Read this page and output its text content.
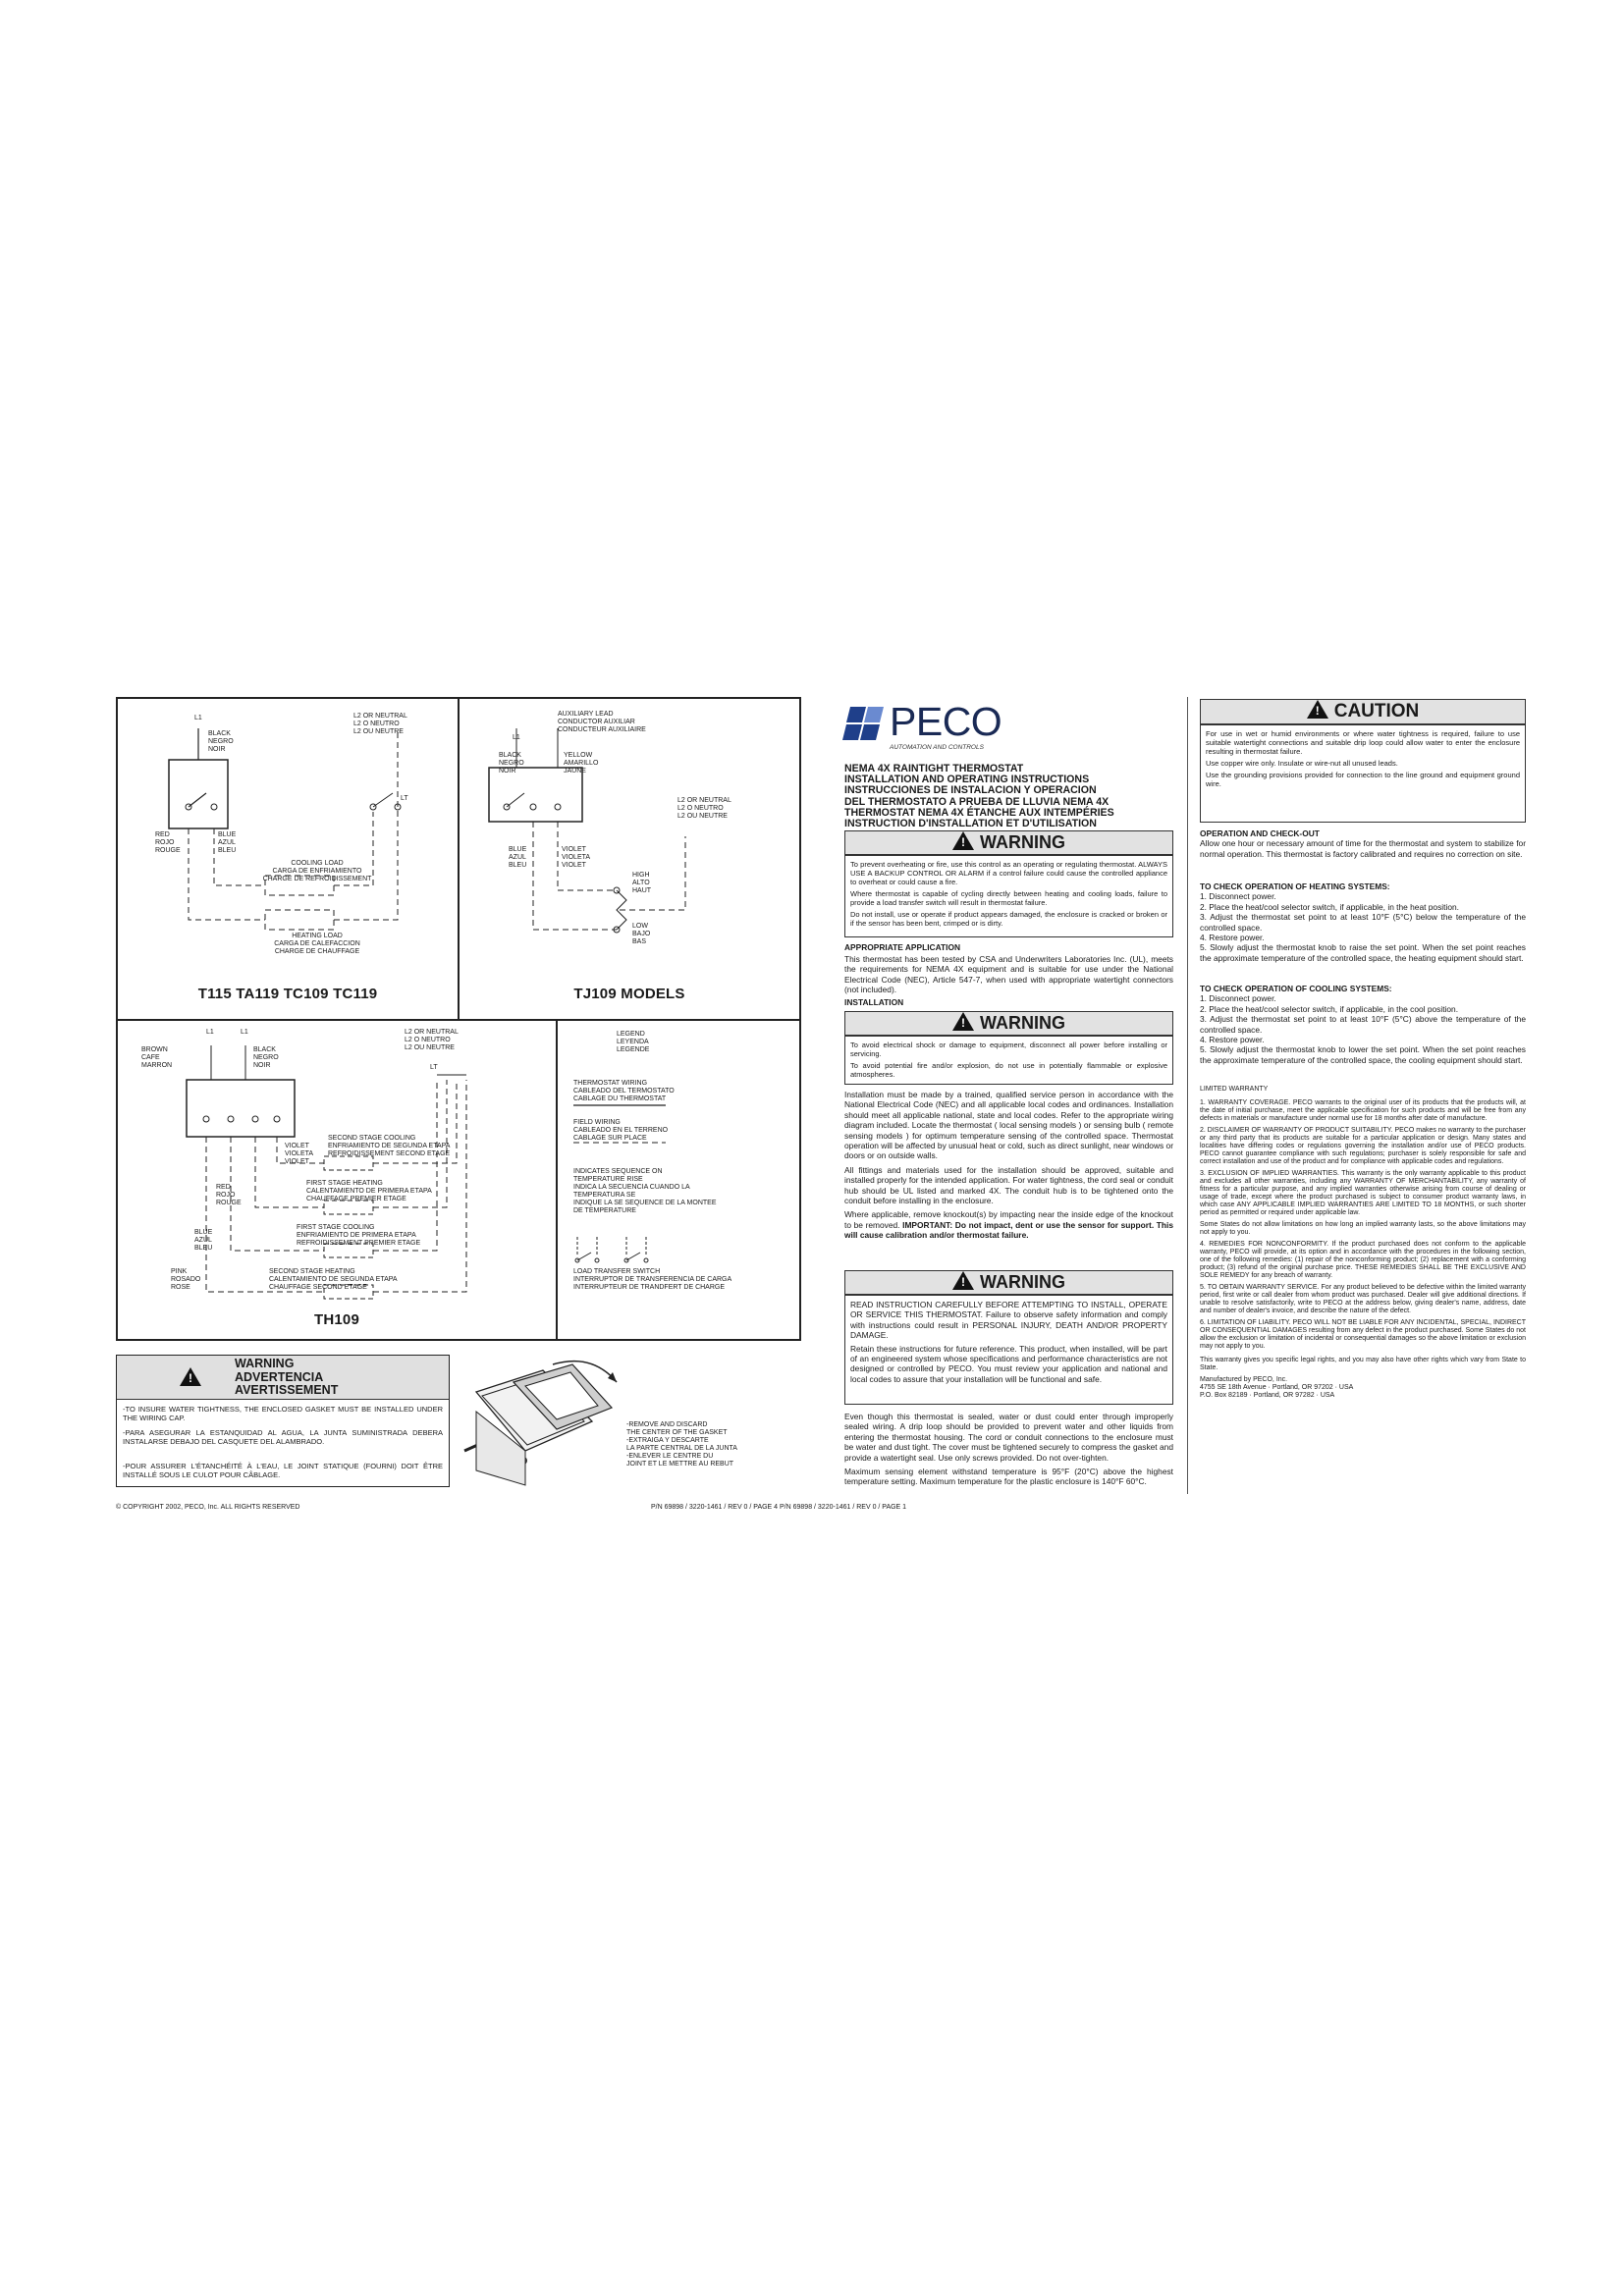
L1
BLACK
NEGRO
NOIR
L2 OR NEUTRAL
L2 O NEUTRO
L2 OU NEUTRE
LT
RED
ROJO
ROUGE
BLUE
AZUL
BLEU
COOLING LOAD
CARGA DE ENFRIAMIENTO
CHARGE DE REFROIDISSEMENT
HEATING LOAD
CARGA DE CALEFACCION
CHARGE DE CHAUFFAGE
T115 TA119 TC109 TC119
AUXILIARY LEAD
CONDUCTOR AUXILIAR
CONDUCTEUR AUXILIAIRE
L1
BLACK
NEGRO
NOIR
YELLOW
AMARILLO
JAUNE
L2 OR NEUTRAL
L2 O NEUTRO
L2 OU NEUTRE
BLUE
AZUL
BLEU
VIOLET
VIOLETA
VIOLET
HIGH
ALTO
HAUT
LOW
BAJO
BAS
TJ109 MODELS
L1	L1
BROWN
CAFE
MARRON
BLACK
NEGRO
NOIR
L2 OR NEUTRAL
L2 O NEUTRO
L2 OU NEUTRE
LT
VIOLET
VIOLETA
VIOLET
SECOND STAGE COOLING
ENFRIAMIENTO DE SEGUNDA ETAPA
REFROIDISSEMENT SECOND ETAGE
RED
ROJO
ROUGE
FIRST STAGE HEATING
CALENTAMIENTO DE PRIMERA ETAPA
CHAUFFAGE PREMIER ETAGE
BLUE
AZUL
BLEU
FIRST STAGE COOLING
ENFRIAMIENTO DE PRIMERA ETAPA
REFROIDISSEMENT PREMIER ETAGE
PINK
ROSADO
ROSE
SECOND STAGE HEATING
CALENTAMIENTO DE SEGUNDA ETAPA
CHAUFFAGE SECOND ETAGE
TH109
LEGEND
LEYENDA
LEGENDE
THERMOSTAT WIRING
CABLEADO DEL TERMOSTATO
CABLAGE DU THERMOSTAT
FIELD WIRING
CABLEADO EN EL TERRENO
CABLAGE SUR PLACE
INDICATES SEQUENCE ON
TEMPERATURE RISE
INDICA LA SECUENCIA CUANDO LA
TEMPERATURA SE
INDIQUE LA SE SEQUENCE DE LA MONTEE
DE TEMPERATURE
LOAD TRANSFER SWITCH
INTERRUPTOR DE TRANSFERENCIA DE CARGA
INTERRUPTEUR DE TRANDFERT DE CHARGE
!
WARNING
ADVERTENCIA
AVERTISSEMENT
-TO INSURE WATER TIGHTNESS, THE ENCLOSED GASKET MUST BE INSTALLED UNDER THE WIRING CAP.
-PARA ASEGURAR LA ESTANQUIDAD AL AGUA, LA JUNTA SUMINISTRADA DEBERA INSTALARSE DEBAJO DEL CASQUETE DEL ALAMBRADO.
-POUR ASSURER L'ÉTANCHÉITÉ À L'EAU, LE JOINT STATIQUE (FOURNI) DOIT ÊTRE INSTALLÉ SOUS LE CULOT POUR CÂBLAGE.
-REMOVE AND DISCARD
THE CENTER OF THE GASKET
-EXTRAIGA Y DESCARTE
LA PARTE CENTRAL DE LA JUNTA
-ENLEVER LE CENTRE DU
JOINT ET LE METTRE AU REBUT
© COPYRIGHT 2002, PECO, Inc. ALL RIGHTS RESERVED	P/N 69898 / 3220-1461 / REV 0 / PAGE 4 P/N 69898 / 3220-1461 / REV 0 / PAGE 1
PECO
AUTOMATION AND CONTROLS
NEMA 4X RAINTIGHT THERMOSTAT
INSTALLATION AND OPERATING INSTRUCTIONS
INSTRUCCIONES DE INSTALACION Y OPERACION
DEL THERMOSTATO A PRUEBA DE LLUVIA NEMA 4X
THERMOSTAT NEMA 4X ÉTANCHE AUX INTEMPÉRIES
INSTRUCTION D'INSTALLATION ET D'UTILISATION
!WARNING

To prevent overheating or fire, use this control as an operating or regulating thermostat. ALWAYS USE A BACKUP CONTROL OR ALARM if a control failure could cause the controlled appliance to overheat or could cause a fire.

Where thermostat is capable of cycling directly between heating and cooling loads, failure to provide a load transfer switch will result in thermostat failure.

Do not install, use or operate if product appears damaged, the enclosure is cracked or broken or if the sensor has been bent, crimped or is dirty.

APPROPRIATE APPLICATION
This thermostat has been tested by CSA and Underwriters Laboratories Inc. (UL), meets the requirements for NEMA 4X equipment and is suitable for use under the National Electrical Code (NEC), Article 547-7, when used with appropriate watertight connectors (not included).
INSTALLATION
!WARNING

To avoid electrical shock or damage to equipment, disconnect all power before installing or servicing.

To avoid potential fire and/or explosion, do not use in potentially flammable or explosive atmospheres.

Installation must be made by a trained, qualified service person in accordance with the National Electrical Code (NEC) and all applicable local codes and ordinances. Installation should meet all applicable national, state and local codes. Refer to the appropriate wiring diagram included. Locate the thermostat ( local sensing models ) or sensing bulb ( remote sensing models ) for optimum temperature sensing of the controlled space. Thermostat operation will be affected by unusual heat or cold, such as direct sunlight, near windows or doors or on outside walls.

All fittings and materials used for the installation should be approved, suitable and installed properly for the intended application. For water tightness, the cord seal or conduit hub should be UL listed and marked 4X. The conduit hub is to be tightened onto the conduit before installing in the enclosure.

Where applicable, remove knockout(s) by impacting near the inside edge of the knockout to be removed. IMPORTANT: Do not impact, dent or use the sensor for support. This will cause calibration and/or thermostat failure.

!WARNING

READ INSTRUCTION CAREFULLY BEFORE ATTEMPTING TO INSTALL, OPERATE OR SERVICE THIS THERMOSTAT. Failure to observe safety information and comply with instructions could result in PERSONAL INJURY, DEATH AND/OR PROPERTY DAMAGE.

Retain these instructions for future reference. This product, when installed, will be part of an engineered system whose specifications and performance characteristics are not designed or controlled by PECO. You must review your application and national and local codes to assure that your installation will be functional and safe.

Even though this thermostat is sealed, water or dust could enter through improperly sealed wiring. A drip loop should be provided to prevent water and other liquids from entering the thermostat housing. The cord or conduit connections to the enclosure must be water and dust tight. The cover must be tightened securely to compress the gasket and provide a watertight seal. Use only screws provided. Do not over-tighten.

Maximum sensing element withstand temperature is 95°F (20°C) above the highest temperature setting. Maximum temperature for the plastic enclosure is 140°F 60°C.

!CAUTION

For use in wet or humid environments or where water tightness is required, failure to use suitable watertight connections and suitable drip loop could allow water to enter the enclosure resulting in thermostat failure.

Use copper wire only. Insulate or wire-nut all unused leads.

Use the grounding provisions provided for connection to the line ground and equipment ground wire.

OPERATION AND CHECK-OUT

Allow one hour or necessary amount of time for the thermostat and system to stabilize for normal operation. This thermostat is factory calibrated and requires no correction on site.

TO CHECK OPERATION OF HEATING SYSTEMS:
1. Disconnect power.
2. Place the heat/cool selector switch, if applicable, in the heat position.
3. Adjust the thermostat set point to at least 10°F (5°C) below the temperature of the controlled space.
4. Restore power.
5. Slowly adjust the thermostat knob to raise the set point. When the set point reaches the approximate temperature of the controlled space, the heating equipment should start.
TO CHECK OPERATION OF COOLING SYSTEMS:
1. Disconnect power.
2. Place the heat/cool selector switch, if applicable, in the cool position.
3. Adjust the thermostat set point to at least 10°F (5°C) above the temperature of the controlled space.
4. Restore power.
5. Slowly adjust the thermostat knob to lower the set point. When the set point reaches the approximate temperature of the controlled space, the cooling equipment should start.
LIMITED WARRANTY

1. WARRANTY COVERAGE. PECO warrants to the original user of its products that the products will, at the date of initial purchase, meet the applicable specification for such products and will be free from any defects in materials or manufacture under normal use for 18 months after date of manufacture.

2. DISCLAIMER OF WARRANTY OF PRODUCT SUITABILITY. PECO makes no warranty to the purchaser or any third party that its products are suitable for a particular application or design. Many states and localities have differing codes or regulations governing the installation and/or use of PECO products. PECO cannot guarantee compliance with such regulations; purchaser is solely responsible for safe and correct installation and use of the product and for compliance with applicable codes and regulations.

3. EXCLUSION OF IMPLIED WARRANTIES. This warranty is the only warranty applicable to this product and excludes all other warranties, including any WARRANTY OF MERCHANTABILITY, any warranty of fitness for a particular purpose, and any implied warranties otherwise arising from course of dealing or usage of trade, except where the product purchased is subject to consumer product warranty laws, in which case ANY APPLICABLE IMPLIED WARRANTIES ARE LIMITED TO 18 MONTHS, or such shorter period as permitted or required under applicable law.

Some States do not allow limitations on how long an implied warranty lasts, so the above limitations may not apply to you.

4. REMEDIES FOR NONCONFORMITY. If the product purchased does not conform to the applicable warranty, PECO will provide, at its option and in accordance with the procedures in the following section, one of the following remedies: (1) repair of the nonconforming product; (2) replacement with a conforming product; (3) refund of the original purchase price. THESE REMEDIES SHALL BE THE EXCLUSIVE AND SOLE REMEDY for any breach of warranty.

5. TO OBTAIN WARRANTY SERVICE. For any product believed to be defective within the limited warranty period, first write or call dealer from whom product was purchased. Dealer will give additional directions. If unable to resolve satisfactorily, write to PECO at the address below, giving dealer's name, address, date and number of dealer's invoice, and describe the nature of the defect.

6. LIMITATION OF LIABILITY. PECO WILL NOT BE LIABLE FOR ANY INCIDENTAL, SPECIAL, INDIRECT OR CONSEQUENTIAL DAMAGES resulting from any defect in the product purchased. Some States do not allow the exclusion or limitation of incidental or consequential damages so the above limitation or exclusion may not apply to you.

This warranty gives you specific legal rights, and you may also have other rights which vary from State to State.

Manufactured by PECO, Inc.
4755 SE 18th Avenue · Portland, OR 97202 · USA
P.O. Box 82189 · Portland, OR 97282 · USA
